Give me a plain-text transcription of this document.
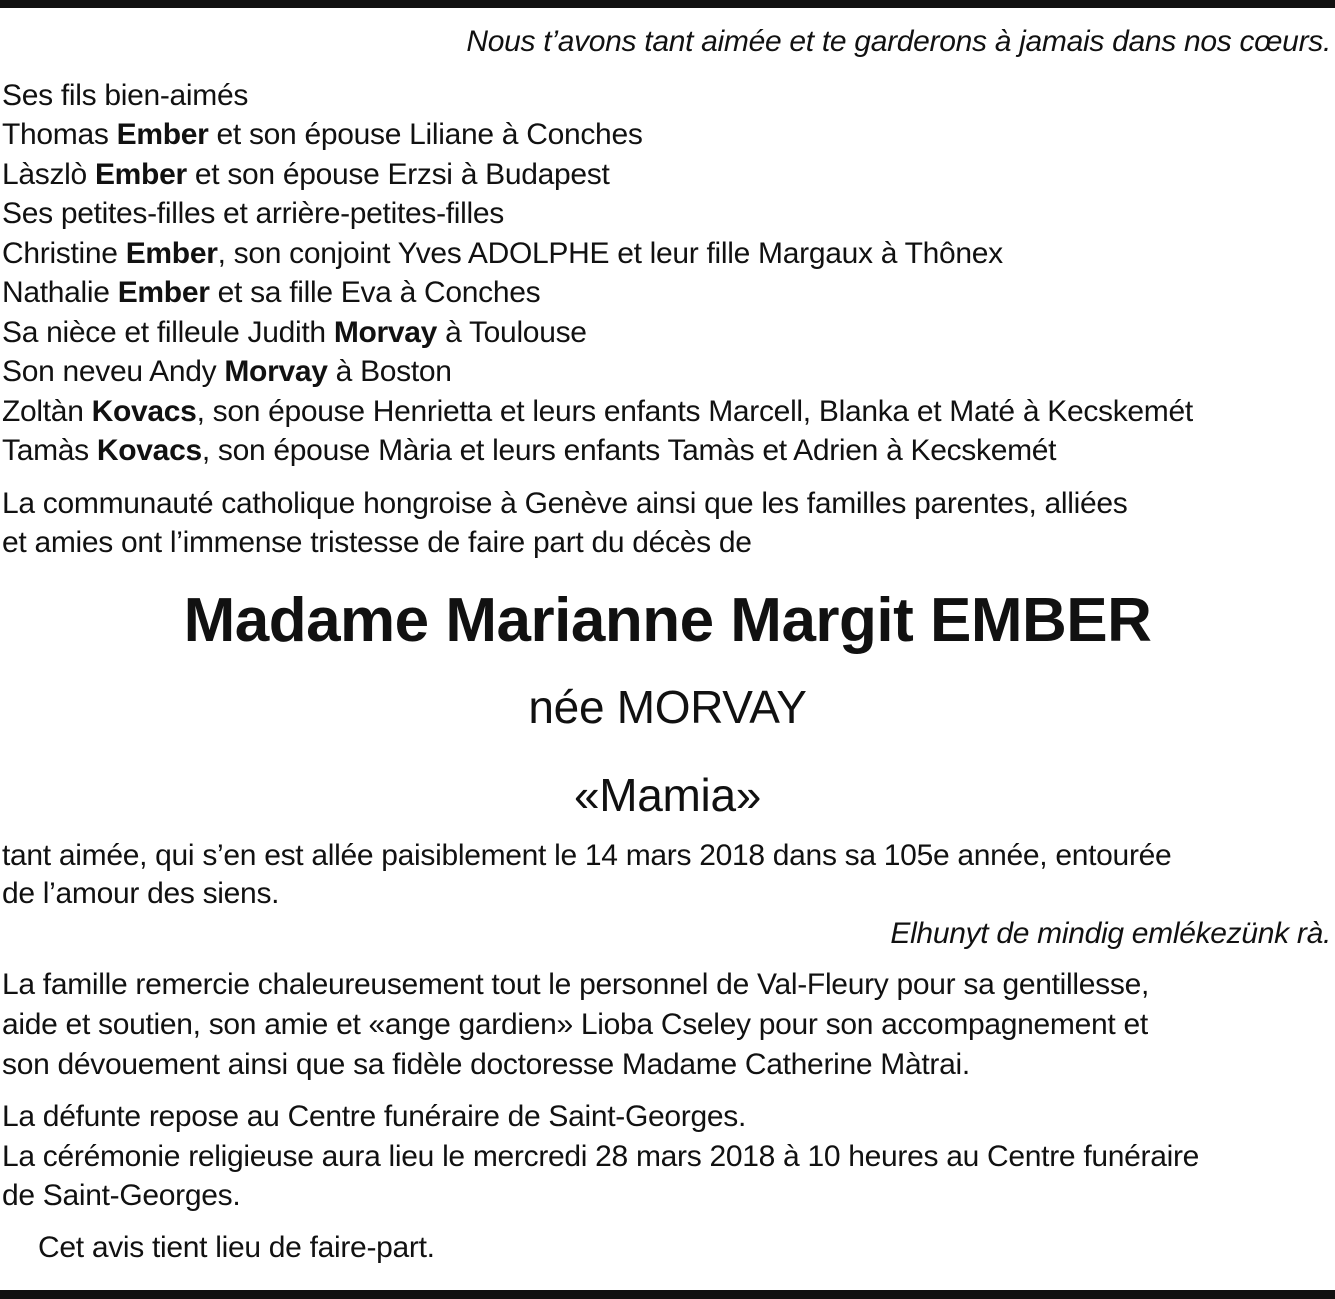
Nous t’avons tant aimée et te garderons à jamais dans nos cœurs.
Ses fils bien-aimés
Thomas Ember et son épouse Liliane à Conches
Làszlò Ember et son épouse Erzsi à Budapest
Ses petites-filles et arrière-petites-filles
Christine Ember, son conjoint Yves ADOLPHE et leur fille Margaux à Thônex
Nathalie Ember et sa fille Eva à Conches
Sa nièce et filleule Judith Morvay à Toulouse
Son neveu Andy Morvay à Boston
Zoltàn Kovacs, son épouse Henrietta et leurs enfants Marcell, Blanka et Maté à Kecskemét
Tamàs Kovacs, son épouse Mària et leurs enfants Tamàs et Adrien à Kecskemét
La communauté catholique hongroise à Genève ainsi que les familles parentes, alliées
et amies ont l’immense tristesse de faire part du décès de
Madame Marianne Margit EMBER
née MORVAY
«Mamia»
tant aimée, qui s’en est allée paisiblement le 14 mars 2018 dans sa 105e année, entourée
de l’amour des siens.
Elhunyt de mindig emlékezünk rà.
La famille remercie chaleureusement tout le personnel de Val-Fleury pour sa gentillesse,
aide et soutien, son amie et «ange gardien» Lioba Cseley pour son accompagnement et
son dévouement ainsi que sa fidèle doctoresse Madame Catherine Màtrai.
La défunte repose au Centre funéraire de Saint-Georges.
La cérémonie religieuse aura lieu le mercredi 28 mars 2018 à 10 heures au Centre funéraire
de Saint-Georges.
Cet avis tient lieu de faire-part.
